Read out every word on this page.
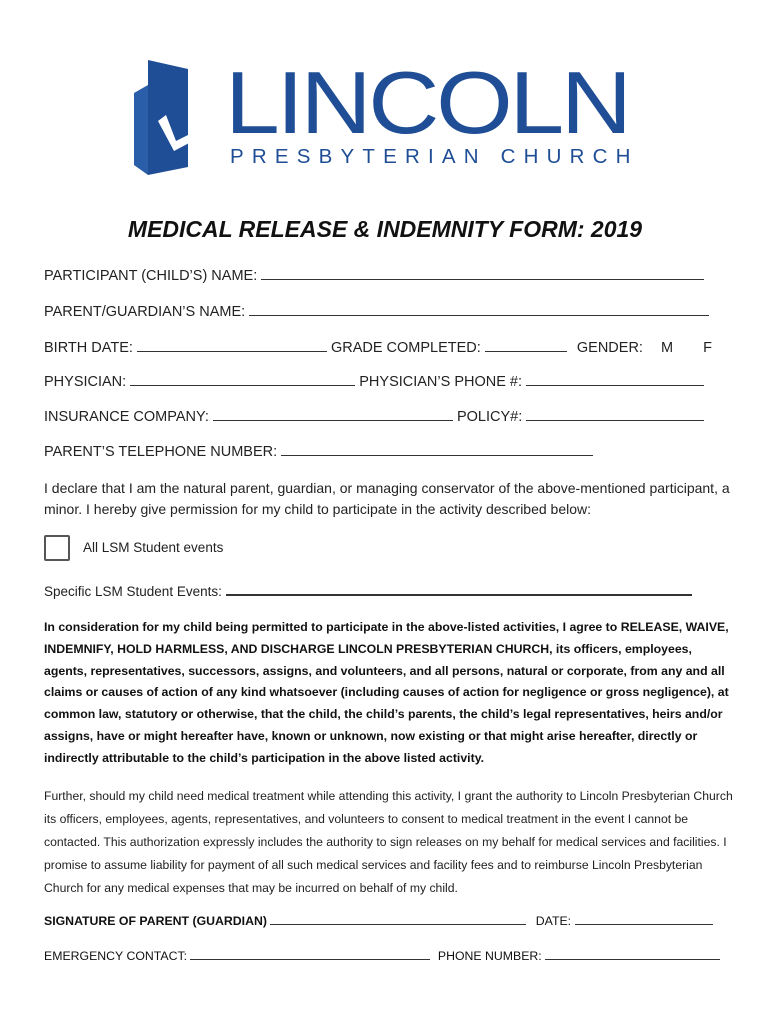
LINCOLN
PRESBYTERIAN CHURCH
MEDICAL RELEASE & INDEMNITY FORM: 2019
PARTICIPANT (CHILD’S) NAME:
PARENT/GUARDIAN’S NAME:
BIRTH DATE:	GRADE COMPLETED:	GENDER: M F
PHYSICIAN:	PHYSICIAN’S PHONE #:
INSURANCE COMPANY:	POLICY#:
PARENT’S TELEPHONE NUMBER:
I declare that I am the natural parent, guardian, or managing conservator of the above-mentioned participant, a minor. I hereby give permission for my child to participate in the activity described below:
All LSM Student events
Specific LSM Student Events:
In consideration for my child being permitted to participate in the above-listed activities, I agree to RELEASE, WAIVE, INDEMNIFY, HOLD HARMLESS, AND DISCHARGE LINCOLN PRESBYTERIAN CHURCH, its officers, employees, agents, representatives, successors, assigns, and volunteers, and all persons, natural or corporate, from any and all claims or causes of action of any kind whatsoever (including causes of action for negligence or gross negligence), at common law, statutory or otherwise, that the child, the child’s parents, the child’s legal representatives, heirs and/or assigns, have or might hereafter have, known or unknown, now existing or that might arise hereafter, directly or indirectly attributable to the child’s participation in the above listed activity.
Further, should my child need medical treatment while attending this activity, I grant the authority to Lincoln Presbyterian Church its officers, employees, agents, representatives, and volunteers to consent to medical treatment in the event I cannot be contacted. This authorization expressly includes the authority to sign releases on my behalf for medical services and facilities. I promise to assume liability for payment of all such medical services and facility fees and to reimburse Lincoln Presbyterian Church for any medical expenses that may be incurred on behalf of my child.
SIGNATURE OF PARENT (GUARDIAN)	DATE:
EMERGENCY CONTACT:	PHONE NUMBER:
